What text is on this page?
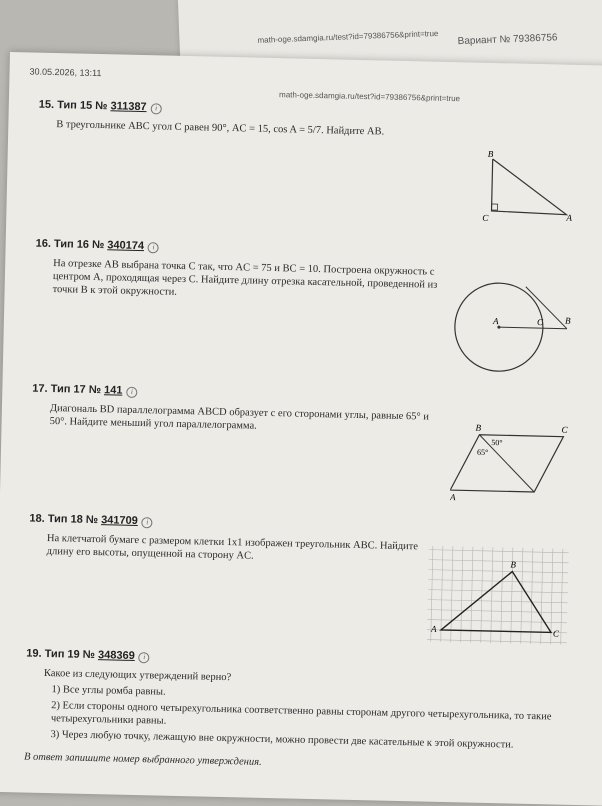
math-oge.sdamgia.ru/test?id=79386756&print=true Вариант № 79386756
30.05.2026, 13:11
math-oge.sdamgia.ru/test?id=79386756&print=true
15. Тип 15 № 311387 i

В треугольнике ABC угол C равен 90°, AC = 15, cos A = 5/7. Найдите AB.

B
C	A
16. Тип 16 № 340174 i

На отрезке AB выбрана точка C так, что AC = 75 и BC = 10. Построена окружность с центром A, проходящая через C. Найдите длину отрезка касательной, проведенной из точки B к этой окружности.

A	C B
17. Тип 17 № 141 i

Диагональ BD параллелограмма ABCD образует с его сторонами углы, равные 65° и 50°. Найдите меньший угол параллелограмма.	B	C
A
50°
65°
18. Тип 18 № 341709 i

На клетчатой бумаге с размером клетки 1x1 изображен треугольник ABC. Найдите длину его высоты, опущенной на сторону AC.

B
A	C
19. Тип 19 № 348369 i

Какое из следующих утверждений верно?

1) Все углы ромба равны.

2) Если стороны одного четырехугольника соответственно равны сторонам другого четырехугольника, то такие четырехугольники равны.

3) Через любую точку, лежащую вне окружности, можно провести две касательные к этой окружности.

В ответ запишите номер выбранного утверждения.
